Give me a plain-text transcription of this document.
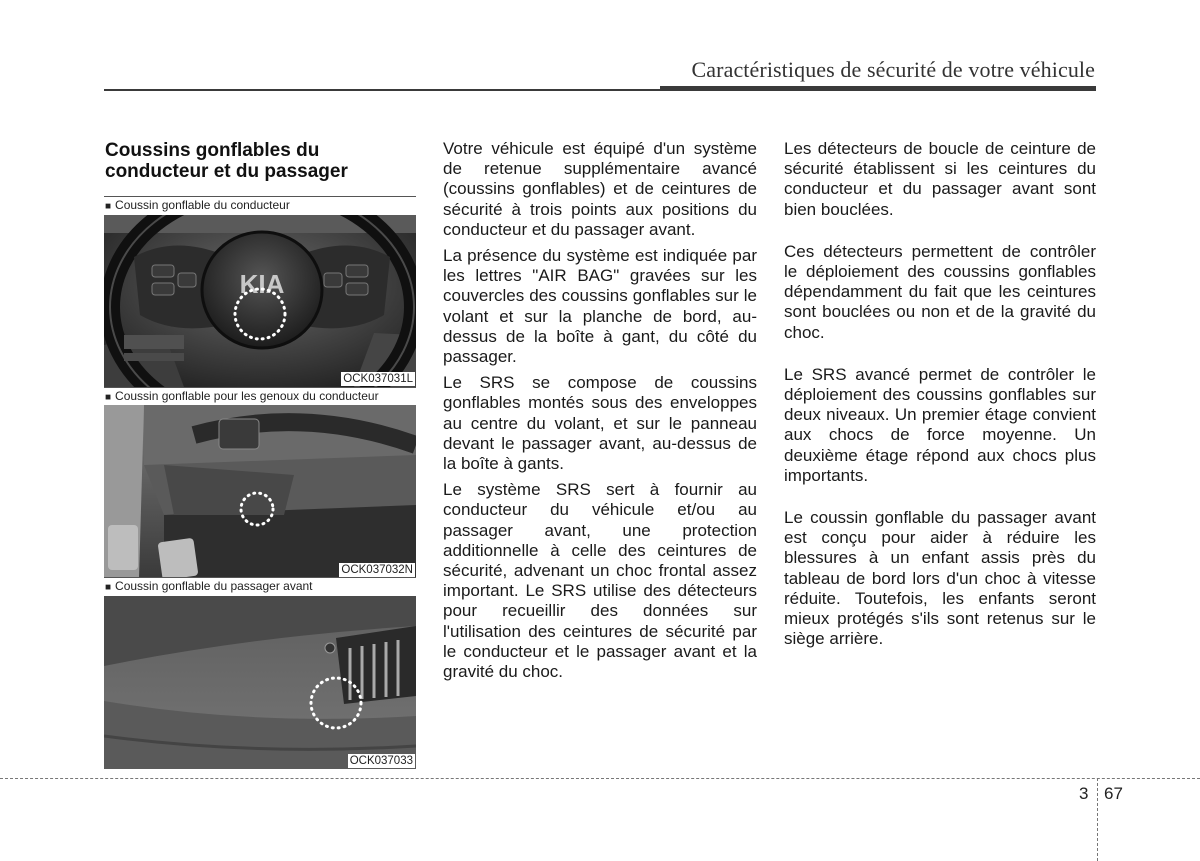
Caractéristiques de sécurité de votre véhicule
Coussins gonflables du conducteur et du passager
■ Coussin gonflable du conducteur
KIA
OCK037031L
■ Coussin gonflable pour les genoux du conducteur
OCK037032N
■ Coussin gonflable du passager avant
OCK037033

Votre véhicule est équipé d'un système de retenue supplémentaire avancé (coussins gonflables) et de ceintures de sécurité à trois points aux positions du conducteur et du passager avant.

La présence du système est indiquée par les lettres "AIR BAG" gravées sur les couvercles des coussins gonflables sur le volant et sur la planche de bord, au-dessus de la boîte à gant, du côté du passager.

Le SRS se compose de coussins gonflables montés sous des enveloppes au centre du volant, et sur le panneau devant le passager avant, au-dessus de la boîte à gants.

Le système SRS sert à fournir au conducteur du véhicule et/ou au passager avant, une protection additionnelle à celle des ceintures de sécurité, advenant un choc frontal assez important. Le SRS utilise des détecteurs pour recueillir des données sur l'utilisation des ceintures de sécurité par le conducteur et le passager avant et la gravité du choc.

Les détecteurs de boucle de ceinture de sécurité établissent si les ceintures du conducteur et du passager avant sont bien bouclées.

Ces détecteurs permettent de contrôler le déploiement des coussins gonflables dépendamment du fait que les ceintures sont bouclées ou non et de la gravité du choc.

Le SRS avancé permet de contrôler le déploiement des coussins gonflables sur deux niveaux. Un premier étage convient aux chocs de force moyenne. Un deuxième étage répond aux chocs plus importants.

Le coussin gonflable du passager avant est conçu pour aider à réduire les blessures à un enfant assis près du tableau de bord lors d'un choc à vitesse réduite. Toutefois, les enfants seront mieux protégés s'ils sont retenus sur le siège arrière.

3 67
